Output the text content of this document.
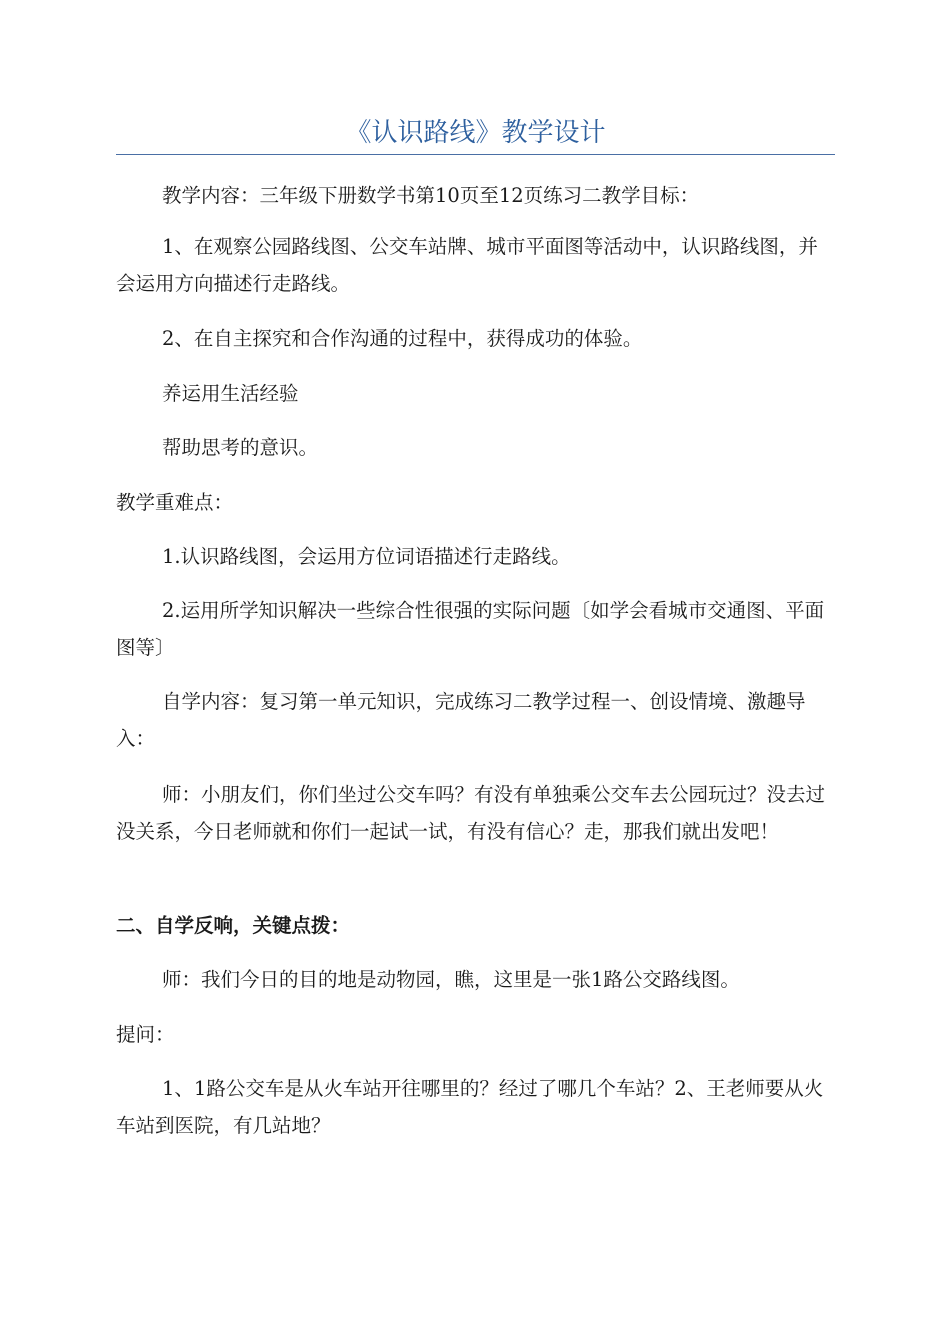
《认识路线》教学设计

教学内容：三年级下册数学书第10页至12页练习二教学目标：

1、在观察公园路线图、公交车站牌、城市平面图等活动中，认识路线图，并会运用方向描述行走路线。

2、在自主探究和合作沟通的过程中，获得成功的体验。

养运用生活经验

帮助思考的意识。

教学重难点：

1.认识路线图，会运用方位词语描述行走路线。

2.运用所学知识解决一些综合性很强的实际问题〔如学会看城市交通图、平面图等〕

自学内容：复习第一单元知识，完成练习二教学过程一、创设情境、激趣导入：

师：小朋友们，你们坐过公交车吗？有没有单独乘公交车去公园玩过？没去过没关系，今日老师就和你们一起试一试，有没有信心？走，那我们就出发吧！

二、自学反响，关键点拨：

师：我们今日的目的地是动物园，瞧，这里是一张1路公交路线图。

提问：

1、1路公交车是从火车站开往哪里的？经过了哪几个车站？2、王老师要从火车站到医院，有几站地？
